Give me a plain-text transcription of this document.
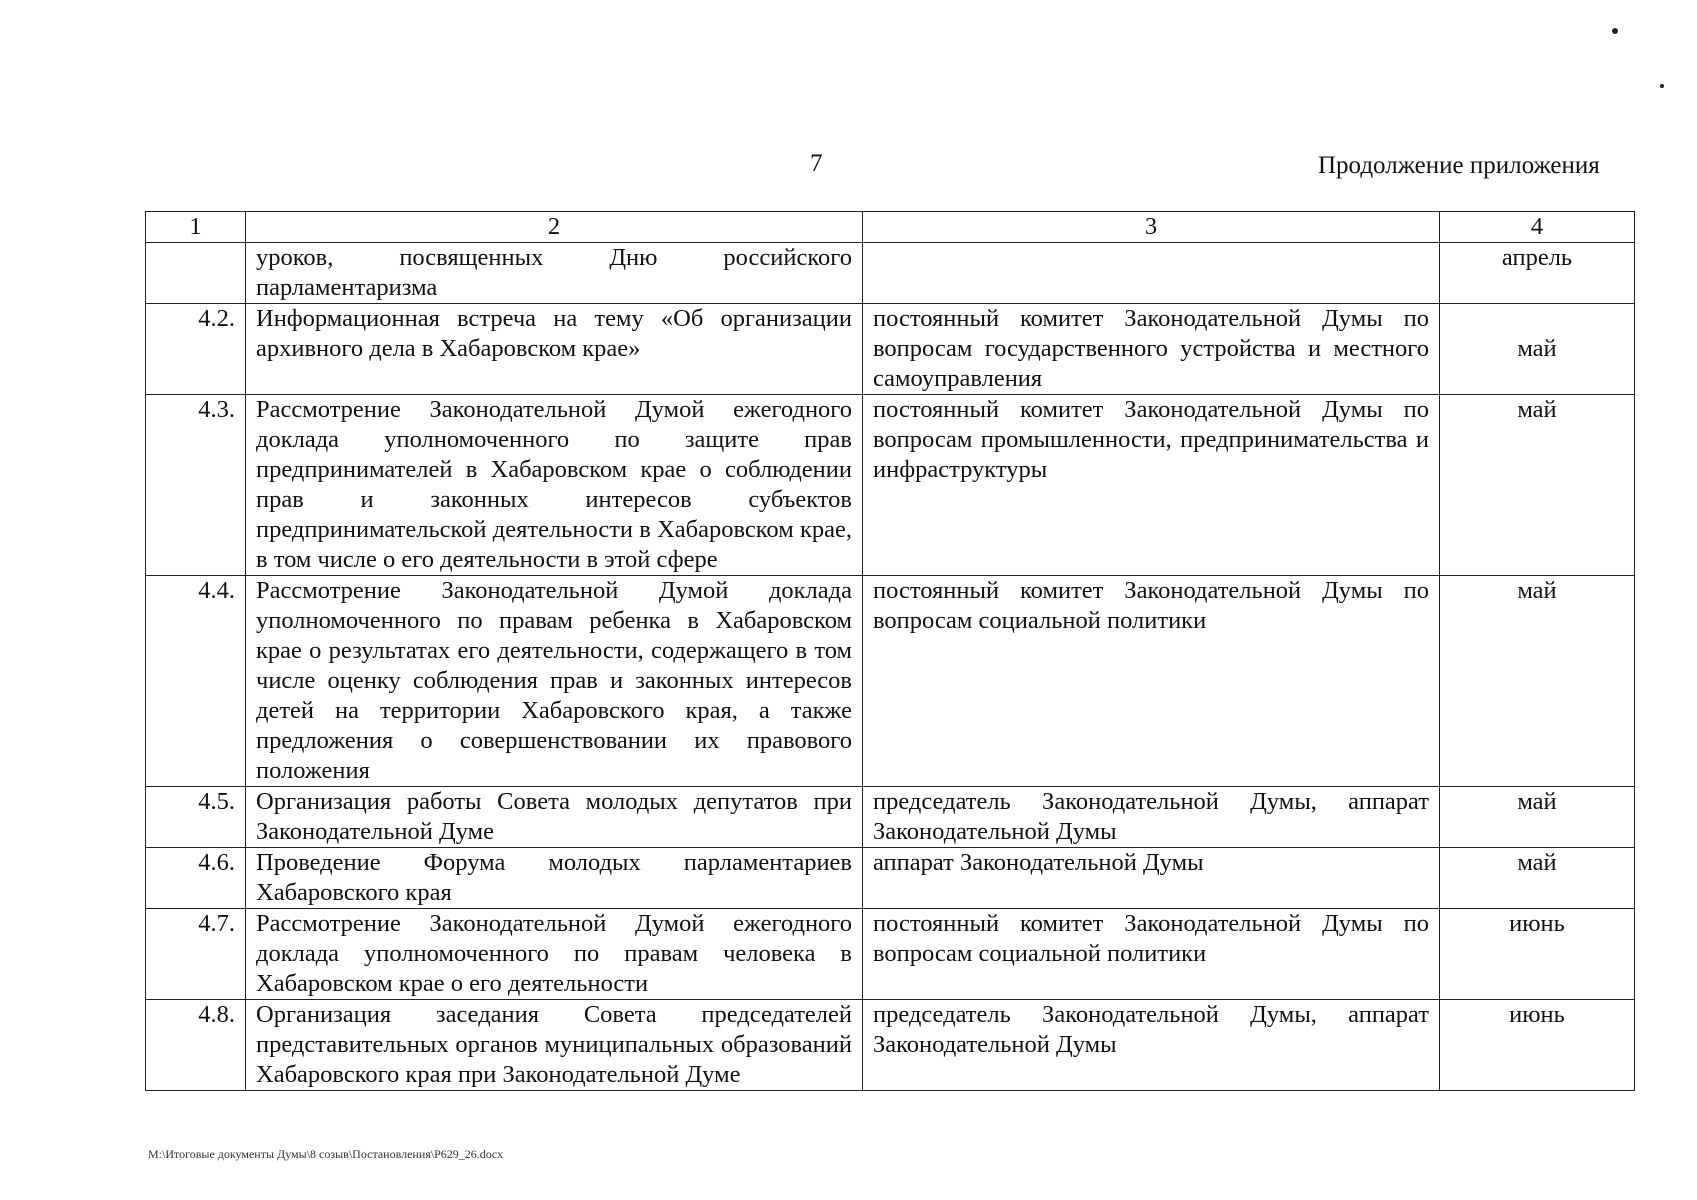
7	Продолжение приложения
1	2	3	4
	уроков, посвященных Дню российского парламентаризма		апрель
4.2.	Информационная встреча на тему «Об организации архивного дела в Хабаровском крае»	постоянный комитет Законодательной Думы по вопросам государственного устройства и местного самоуправления	май
4.3.	Рассмотрение Законодательной Думой ежегодного доклада уполномоченного по защите прав предпринимателей в Хабаровском крае о соблюдении прав и законных интересов субъектов предпринимательской деятельности в Хабаровском крае, в том числе о его деятельности в этой сфере	постоянный комитет Законодательной Думы по вопросам промышленности, предпринимательства и инфраструктуры	май
4.4.	Рассмотрение Законодательной Думой доклада уполномоченного по правам ребенка в Хабаровском крае о результатах его деятельности, содержащего в том числе оценку соблюдения прав и законных интересов детей на территории Хабаровского края, а также предложения о совершенствовании их правового положения	постоянный комитет Законодательной Думы по вопросам социальной политики	май
4.5.	Организация работы Совета молодых депутатов при Законодательной Думе	председатель Законодательной Думы, аппарат Законодательной Думы	май
4.6.	Проведение Форума молодых парламентариев Хабаровского края	аппарат Законодательной Думы	май
4.7.	Рассмотрение Законодательной Думой ежегодного доклада уполномоченного по правам человека в Хабаровском крае о его деятельности	постоянный комитет Законодательной Думы по вопросам социальной политики	июнь
4.8.	Организация заседания Совета председателей представительных органов муниципальных образований Хабаровского края при Законодательной Думе	председатель Законодательной Думы, аппарат Законодательной Думы	июнь
М:\Итоговые документы Думы\8 созыв\Постановления\Р629_26.docx
